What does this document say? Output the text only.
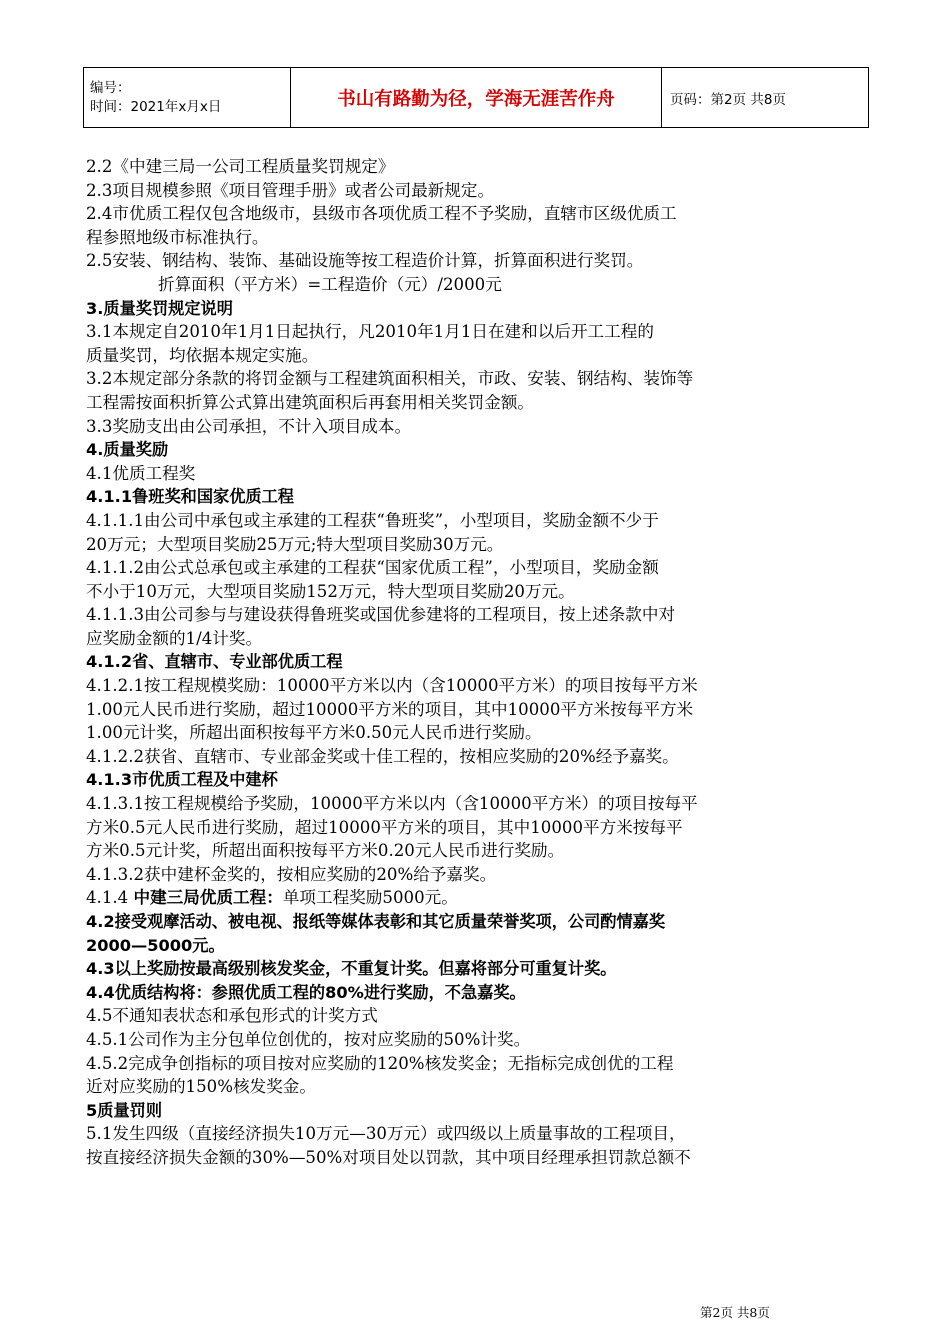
编号：
时间：2021年x月x日	书山有路勤为径，学海无涯苦作舟	页码：第2页 共8页

2.2《中建三局一公司工程质量奖罚规定》

2.3项目规模参照《项目管理手册》或者公司最新规定。

2.4市优质工程仅包含地级市，县级市各项优质工程不予奖励，直辖市区级优质工

程参照地级市标准执行。

2.5安装、钢结构、装饰、基础设施等按工程造价计算，折算面积进行奖罚。

折算面积（平方米）=工程造价（元）/2000元

3.质量奖罚规定说明

3.1本规定自2010年1月1日起执行，凡2010年1月1日在建和以后开工工程的

质量奖罚，均依据本规定实施。

3.2本规定部分条款的将罚金额与工程建筑面积相关，市政、安装、钢结构、装饰等

工程需按面积折算公式算出建筑面积后再套用相关奖罚金额。

3.3奖励支出由公司承担，不计入项目成本。

4.质量奖励

4.1优质工程奖

4.1.1鲁班奖和国家优质工程

4.1.1.1由公司中承包或主承建的工程获“鲁班奖”，小型项目，奖励金额不少于

20万元；大型项目奖励25万元;特大型项目奖励30万元。

4.1.1.2由公式总承包或主承建的工程获“国家优质工程”，小型项目，奖励金额

不小于10万元，大型项目奖励152万元，特大型项目奖励20万元。

4.1.1.3由公司参与与建设获得鲁班奖或国优参建将的工程项目，按上述条款中对

应奖励金额的1/4计奖。

4.1.2省、直辖市、专业部优质工程

4.1.2.1按工程规模奖励：10000平方米以内（含10000平方米）的项目按每平方米

1.00元人民币进行奖励，超过10000平方米的项目，其中10000平方米按每平方米

1.00元计奖，所超出面积按每平方米0.50元人民币进行奖励。

4.1.2.2获省、直辖市、专业部金奖或十佳工程的，按相应奖励的20%经予嘉奖。

4.1.3市优质工程及中建杯

4.1.3.1按工程规模给予奖励，10000平方米以内（含10000平方米）的项目按每平

方米0.5元人民币进行奖励，超过10000平方米的项目，其中10000平方米按每平

方米0.5元计奖，所超出面积按每平方米0.20元人民币进行奖励。

4.1.3.2获中建杯金奖的，按相应奖励的20%给予嘉奖。

4.1.4 中建三局优质工程：单项工程奖励5000元。

4.2接受观摩活动、被电视、报纸等媒体表彰和其它质量荣誉奖项，公司酌情嘉奖

2000—5000元。

4.3以上奖励按最高级别核发奖金，不重复计奖。但嘉将部分可重复计奖。

4.4优质结构将：参照优质工程的80%进行奖励，不急嘉奖。

4.5不通知表状态和承包形式的计奖方式

4.5.1公司作为主分包单位创优的，按对应奖励的50%计奖。

4.5.2完成争创指标的项目按对应奖励的120%核发奖金；无指标完成创优的工程

近对应奖励的150%核发奖金。

5质量罚则

5.1发生四级（直接经济损失10万元—30万元）或四级以上质量事故的工程项目，

按直接经济损失金额的30%—50%对项目处以罚款，其中项目经理承担罚款总额不

第2页 共8页
